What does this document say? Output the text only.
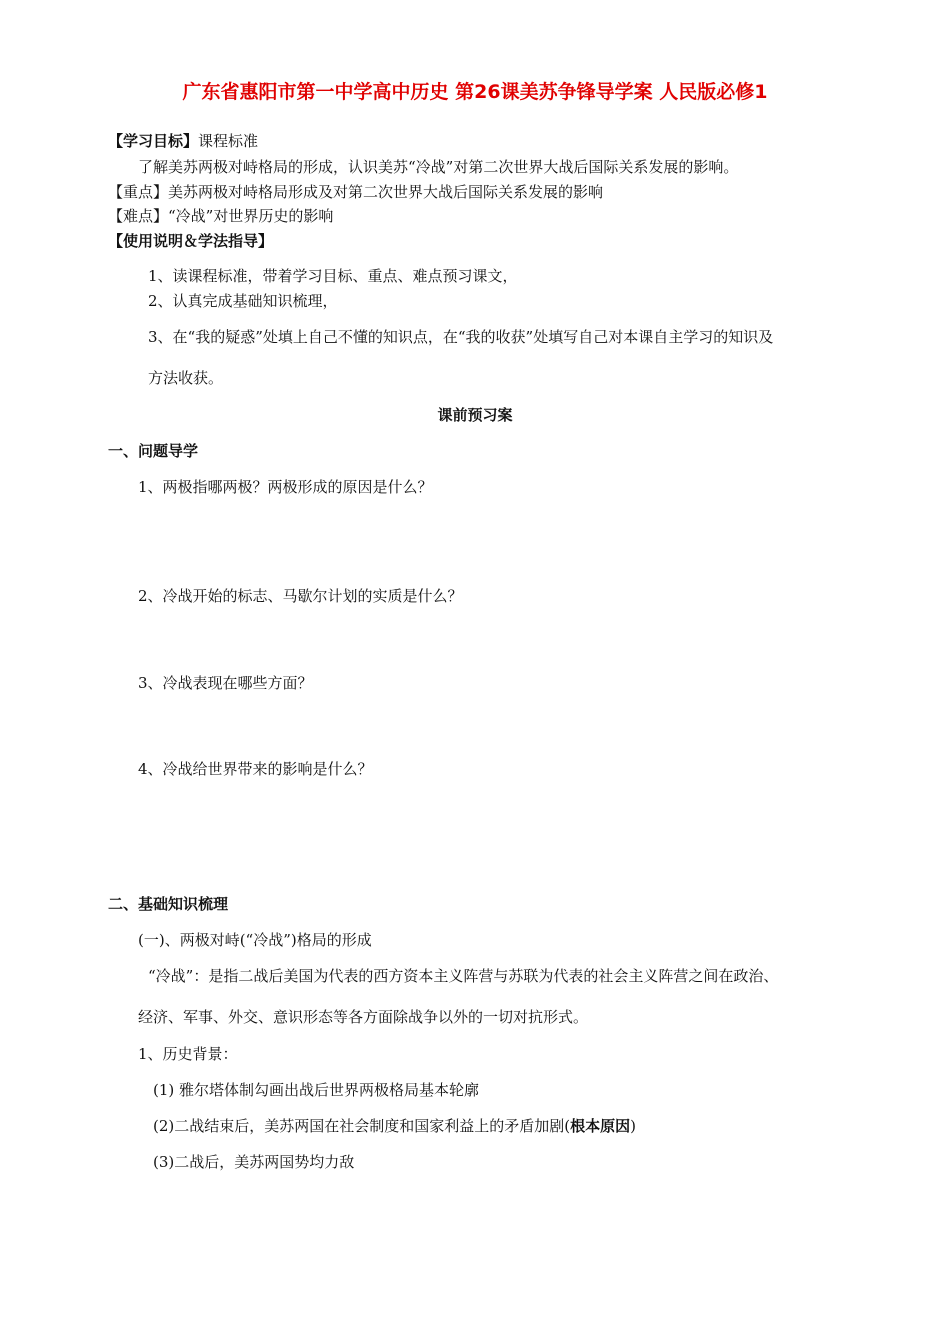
广东省惠阳市第一中学高中历史 第26课美苏争锋导学案 人民版必修1
【学习目标】课程标准
了解美苏两极对峙格局的形成，认识美苏“冷战”对第二次世界大战后国际关系发展的影响。
【重点】美苏两极对峙格局形成及对第二次世界大战后国际关系发展的影响
【难点】“冷战”对世界历史的影响
【使用说明＆学法指导】
1、读课程标准，带着学习目标、重点、难点预习课文，
2、认真完成基础知识梳理，
3、在“我的疑惑”处填上自己不懂的知识点，在“我的收获”处填写自己对本课自主学习的知识及
方法收获。
课前预习案
一、问题导学
1、两极指哪两极？两极形成的原因是什么？
2、冷战开始的标志、马歇尔计划的实质是什么？
3、冷战表现在哪些方面？
4、冷战给世界带来的影响是什么？
二、基础知识梳理
(一)、两极对峙(“冷战”)格局的形成
“冷战”：是指二战后美国为代表的西方资本主义阵营与苏联为代表的社会主义阵营之间在政治、
经济、军事、外交、意识形态等各方面除战争以外的一切对抗形式。
1、历史背景：
(1) 雅尔塔体制勾画出战后世界两极格局基本轮廓
(2)二战结束后，美苏两国在社会制度和国家利益上的矛盾加剧(根本原因)
(3)二战后，美苏两国势均力敌
